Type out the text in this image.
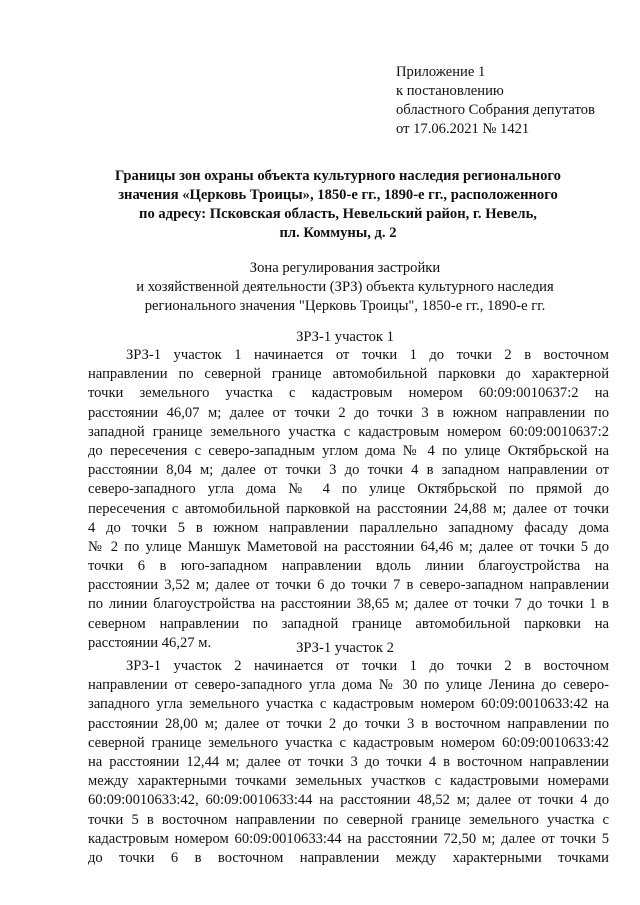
Приложение 1
к постановлению
областного Собрания депутатов
от 17.06.2021 № 1421
Границы зон охраны объекта культурного наследия регионального
значения «Церковь Троицы», 1850-е гг., 1890-е гг., расположенного
по адресу: Псковская область, Невельский район, г. Невель,
пл. Коммуны, д. 2
Зона регулирования застройки
и хозяйственной деятельности (ЗРЗ) объекта культурного наследия
регионального значения "Церковь Троицы", 1850-е гг., 1890-е гг.
ЗРЗ-1 участок 1
ЗРЗ-1 участок 1 начинается от точки 1 до точки 2 в восточном
направлении по северной границе автомобильной парковки до характерной
точки земельного участка с кадастровым номером 60:09:0010637:2 на
расстоянии 46,07 м; далее от точки 2 до точки 3 в южном направлении по
западной границе земельного участка с кадастровым номером 60:09:0010637:2
до пересечения с северо-западным углом дома № 4 по улице Октябрьской на
расстоянии 8,04 м; далее от точки 3 до точки 4 в западном направлении от
северо-западного угла дома № 4 по улице Октябрьской по прямой до
пересечения с автомобильной парковкой на расстоянии 24,88 м; далее от точки
4 до точки 5 в южном направлении параллельно западному фасаду дома
№ 2 по улице Маншук Маметовой на расстоянии 64,46 м; далее от точки 5 до
точки 6 в юго-западном направлении вдоль линии благоустройства на
расстоянии 3,52 м; далее от точки 6 до точки 7 в северо-западном направлении
по линии благоустройства на расстоянии 38,65 м; далее от точки 7 до точки 1 в
северном направлении по западной границе автомобильной парковки на
расстоянии 46,27 м.	ЗРЗ-1 участок 2
ЗРЗ-1 участок 2 начинается от точки 1 до точки 2 в восточном
направлении от северо-западного угла дома № 30 по улице Ленина до северо-
западного угла земельного участка с кадастровым номером 60:09:0010633:42 на
расстоянии 28,00 м; далее от точки 2 до точки 3 в восточном направлении по
северной границе земельного участка с кадастровым номером 60:09:0010633:42
на расстоянии 12,44 м; далее от точки 3 до точки 4 в восточном направлении
между характерными точками земельных участков с кадастровыми номерами
60:09:0010633:42, 60:09:0010633:44 на расстоянии 48,52 м; далее от точки 4 до
точки 5 в восточном направлении по северной границе земельного участка с
кадастровым номером 60:09:0010633:44 на расстоянии 72,50 м; далее от точки 5
до точки 6 в восточном направлении между характерными точками
